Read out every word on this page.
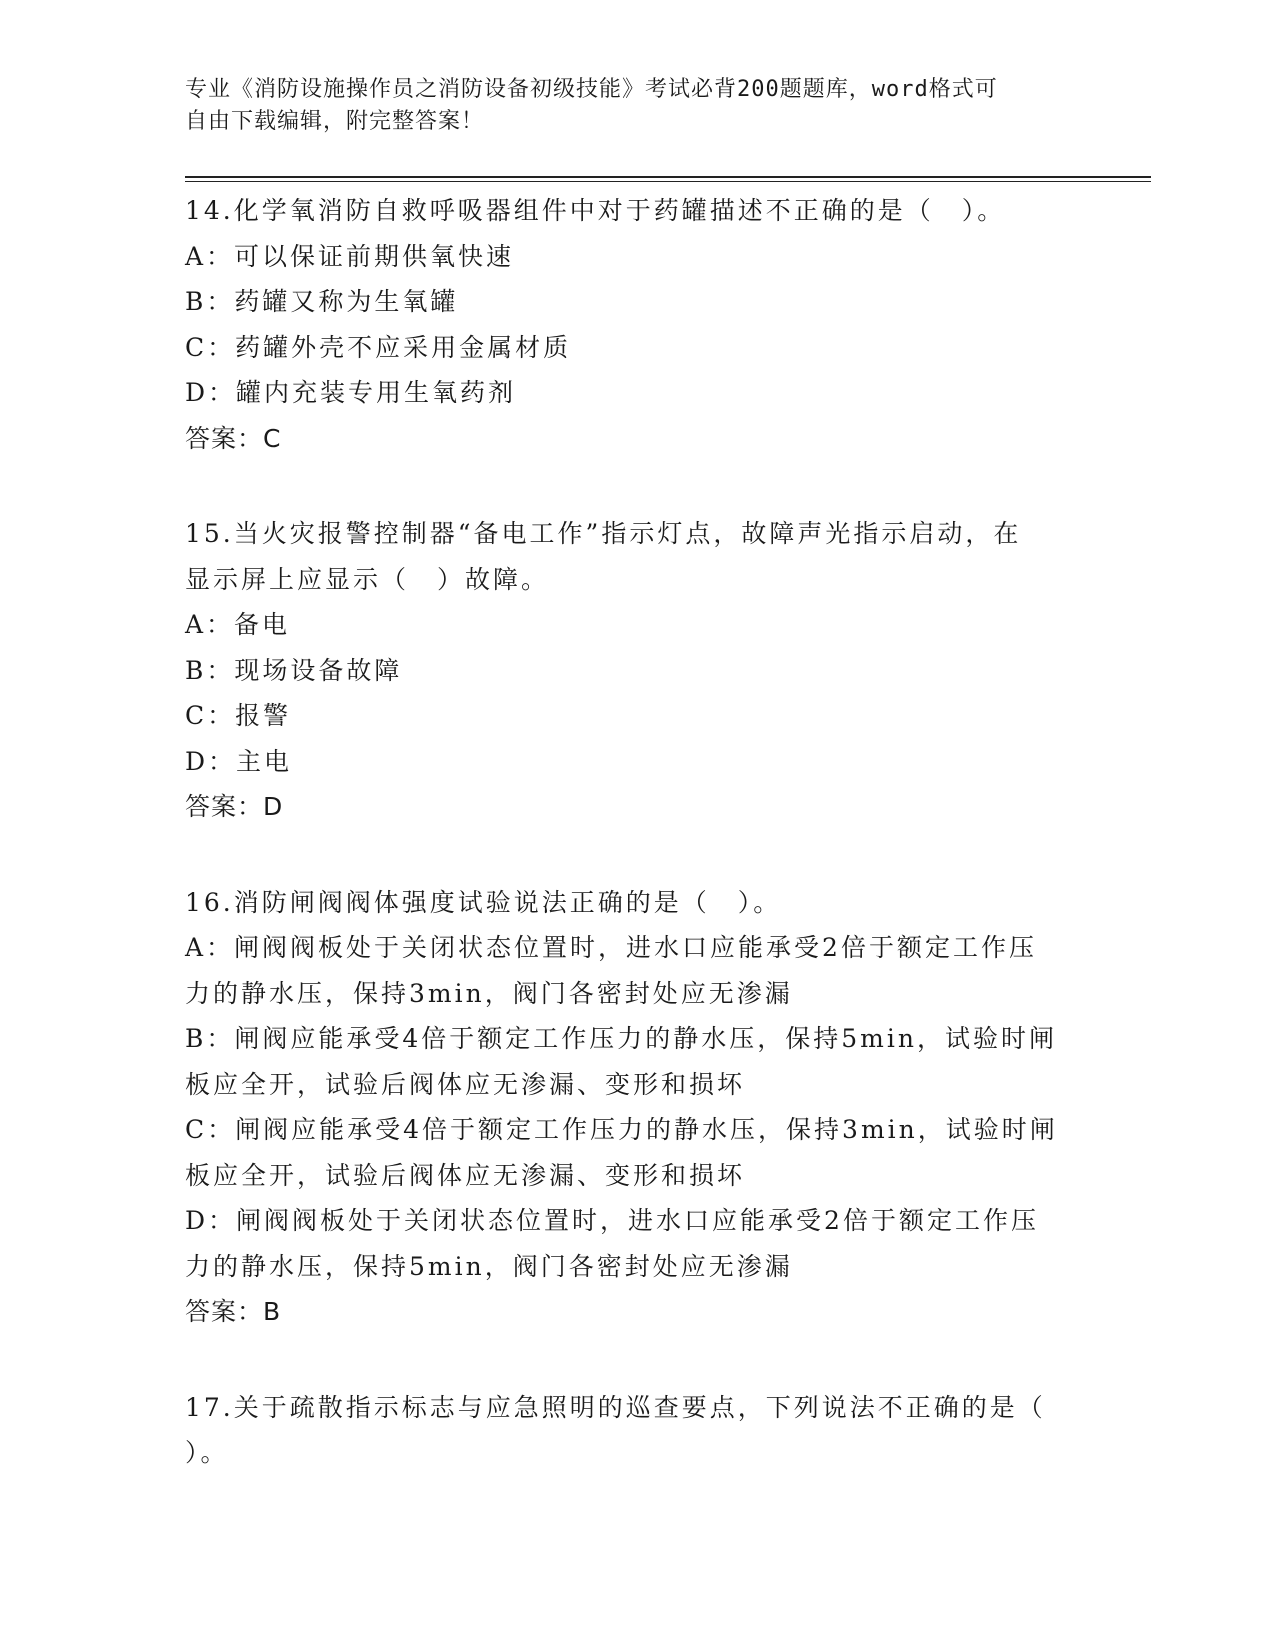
专业《消防设施操作员之消防设备初级技能》考试必背200题题库，word格式可
自由下载编辑，附完整答案！
14.化学氧消防自救呼吸器组件中对于药罐描述不正确的是（　）。
A：可以保证前期供氧快速
B：药罐又称为生氧罐
C：药罐外壳不应采用金属材质
D：罐内充装专用生氧药剂
答案：C
15.当火灾报警控制器“备电工作”指示灯点，故障声光指示启动，在
显示屏上应显示（　）故障。
A：备电
B：现场设备故障
C：报警
D：主电
答案：D
16.消防闸阀阀体强度试验说法正确的是（　）。
A：闸阀阀板处于关闭状态位置时，进水口应能承受2倍于额定工作压
力的静水压，保持3min，阀门各密封处应无渗漏
B：闸阀应能承受4倍于额定工作压力的静水压，保持5min，试验时闸
板应全开，试验后阀体应无渗漏、变形和损坏
C：闸阀应能承受4倍于额定工作压力的静水压，保持3min，试验时闸
板应全开，试验后阀体应无渗漏、变形和损坏
D：闸阀阀板处于关闭状态位置时，进水口应能承受2倍于额定工作压
力的静水压，保持5min，阀门各密封处应无渗漏
答案：B
17.关于疏散指示标志与应急照明的巡查要点，下列说法不正确的是（
）。
